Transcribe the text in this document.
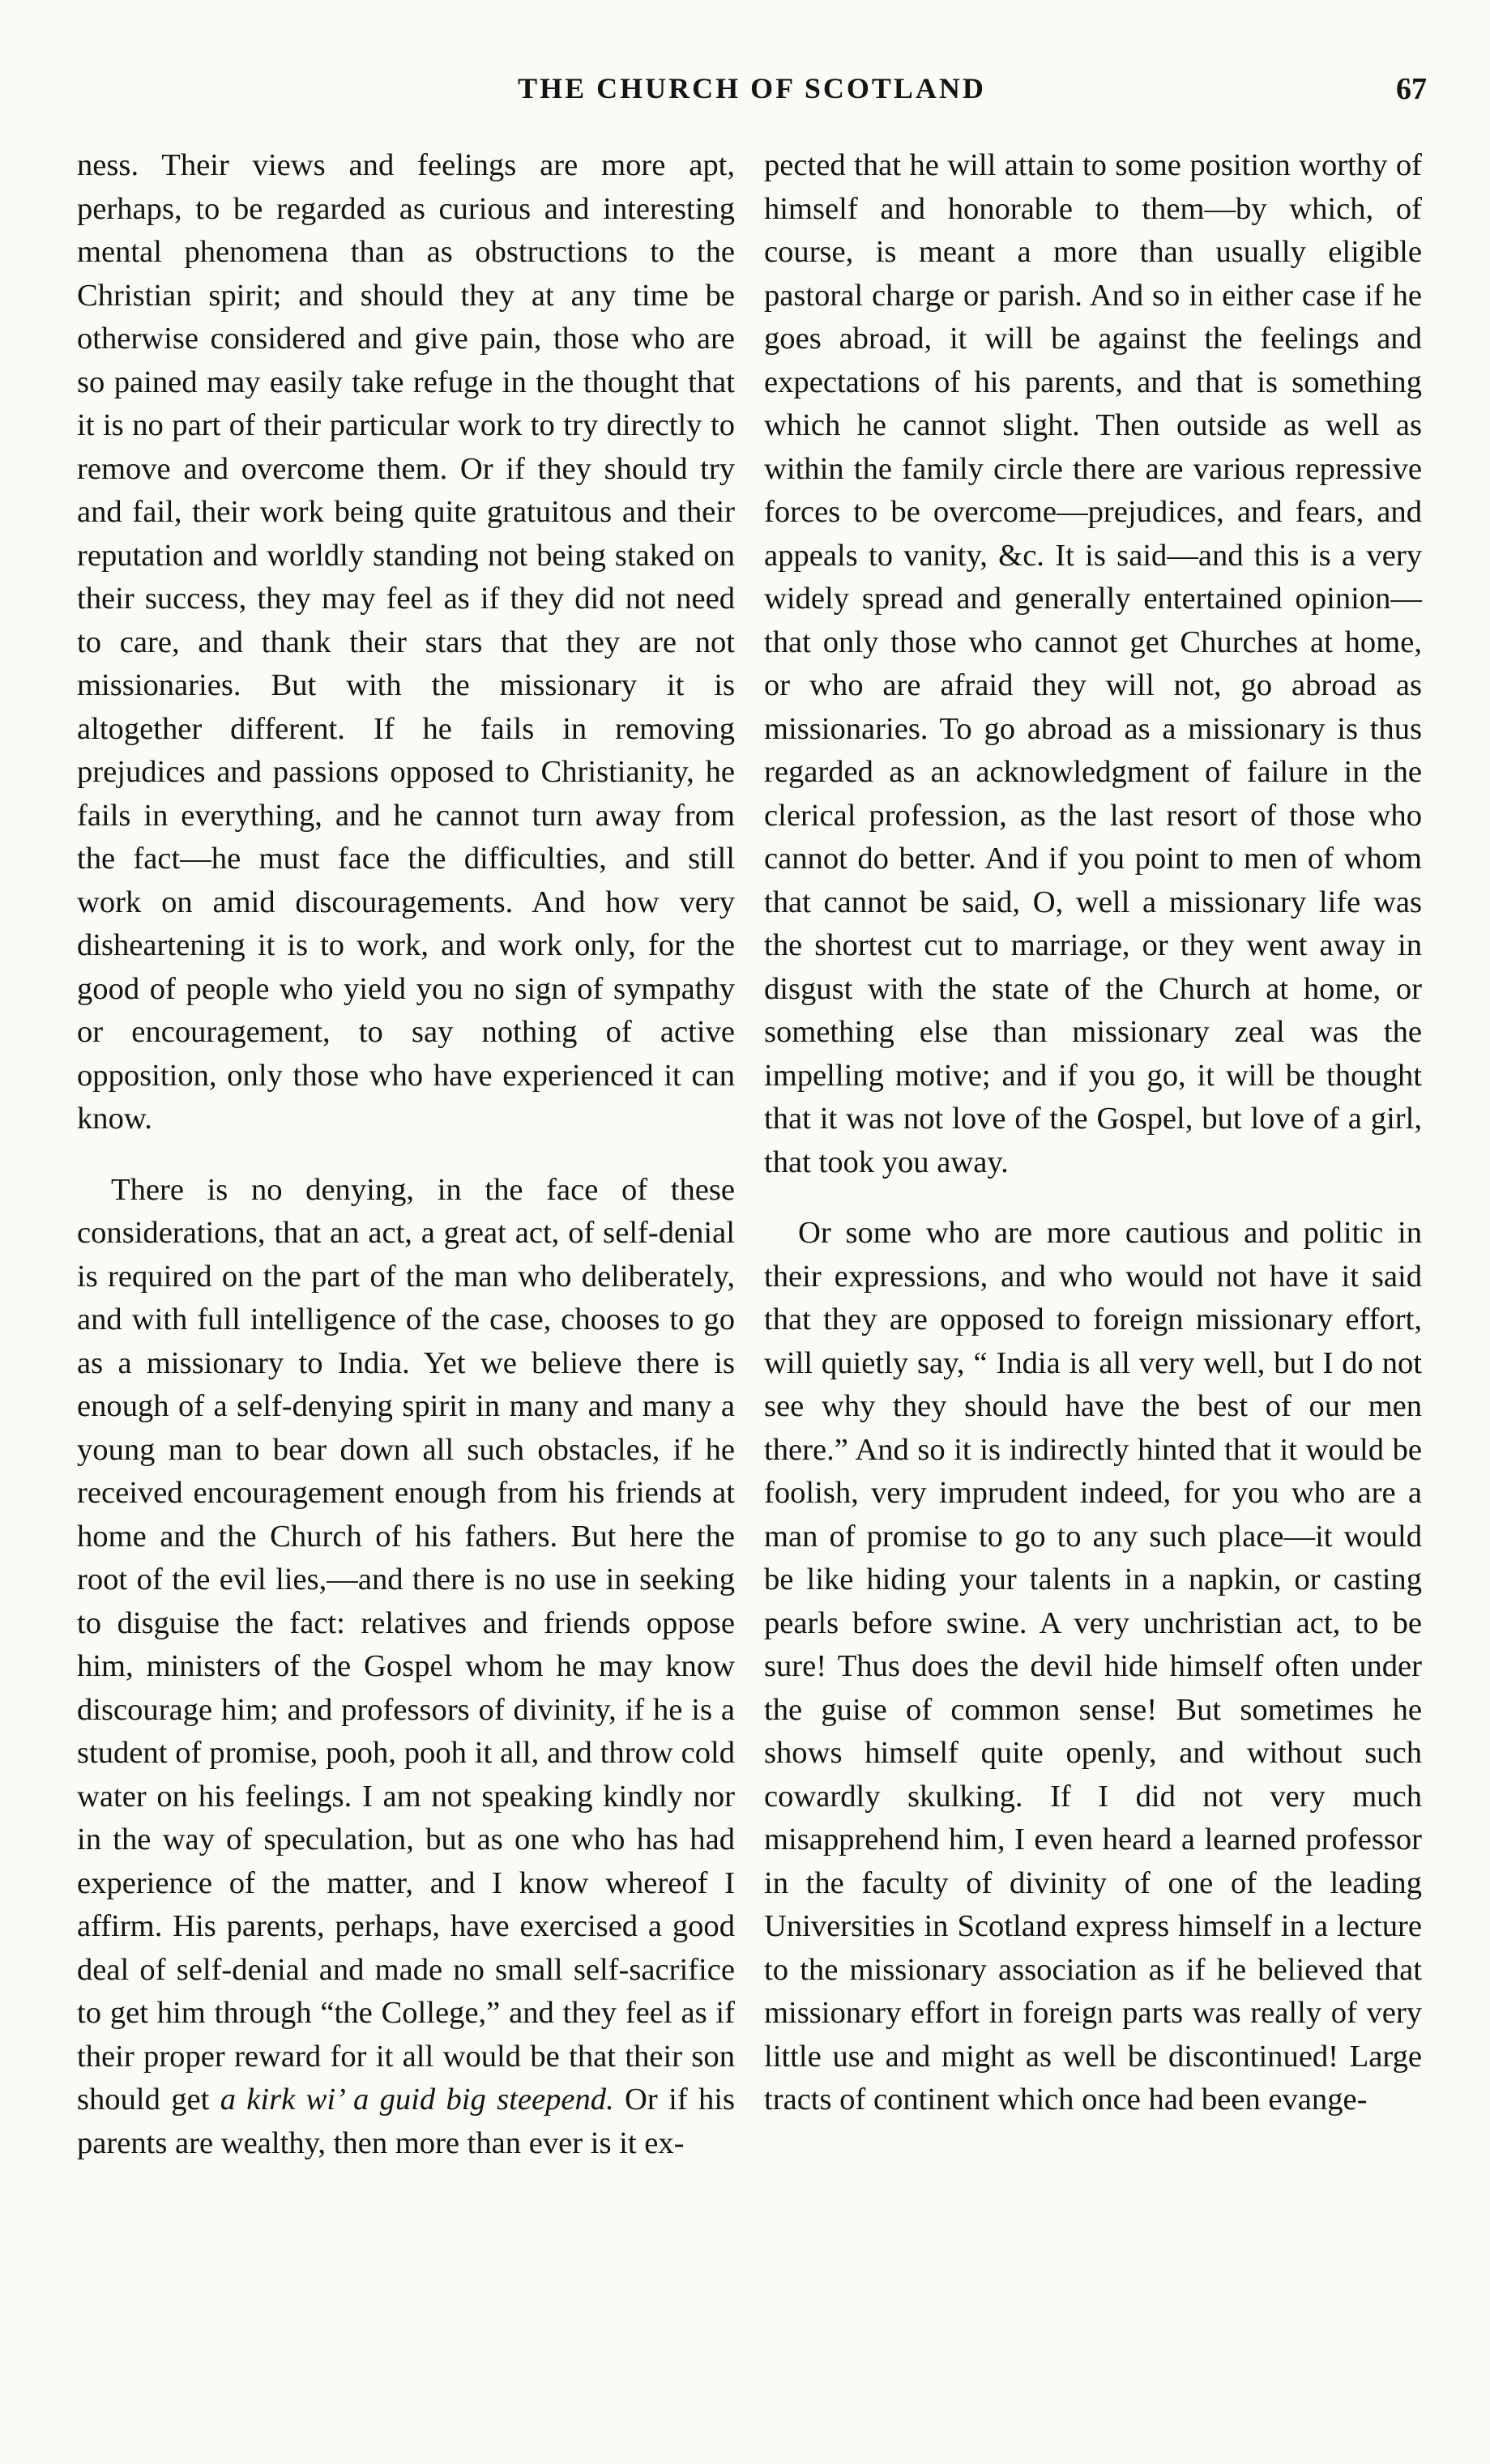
THE CHURCH OF SCOTLAND	67

ness. Their views and feelings are more apt, perhaps, to be regarded as curious and interesting mental phenomena than as obstructions to the Christian spirit; and should they at any time be otherwise considered and give pain, those who are so pained may easily take refuge in the thought that it is no part of their particular work to try directly to remove and overcome them. Or if they should try and fail, their work being quite gratuitous and their reputation and worldly standing not being staked on their success, they may feel as if they did not need to care, and thank their stars that they are not missionaries. But with the missionary it is altogether different. If he fails in removing prejudices and passions opposed to Christianity, he fails in everything, and he cannot turn away from the fact—he must face the difficulties, and still work on amid discouragements. And how very disheartening it is to work, and work only, for the good of people who yield you no sign of sympathy or encouragement, to say nothing of active opposition, only those who have experienced it can know.

There is no denying, in the face of these considerations, that an act, a great act, of self-denial is required on the part of the man who deliberately, and with full intelligence of the case, chooses to go as a missionary to India. Yet we believe there is enough of a self-denying spirit in many and many a young man to bear down all such obstacles, if he received encouragement enough from his friends at home and the Church of his fathers. But here the root of the evil lies,—and there is no use in seeking to disguise the fact: relatives and friends oppose him, ministers of the Gospel whom he may know discourage him; and professors of divinity, if he is a student of promise, pooh, pooh it all, and throw cold water on his feelings. I am not speaking kindly nor in the way of speculation, but as one who has had experience of the matter, and I know whereof I affirm. His parents, perhaps, have exercised a good deal of self-denial and made no small self-sacrifice to get him through “the College,” and they feel as if their proper reward for it all would be that their son should get a kirk wi’ a guid big steepend. Or if his parents are wealthy, then more than ever is it ex-

pected that he will attain to some position worthy of himself and honorable to them—by which, of course, is meant a more than usually eligible pastoral charge or parish. And so in either case if he goes abroad, it will be against the feelings and expectations of his parents, and that is something which he cannot slight. Then outside as well as within the family circle there are various repressive forces to be overcome—prejudices, and fears, and appeals to vanity, &c. It is said—and this is a very widely spread and generally entertained opinion—that only those who cannot get Churches at home, or who are afraid they will not, go abroad as missionaries. To go abroad as a missionary is thus regarded as an acknowledgment of failure in the clerical profession, as the last resort of those who cannot do better. And if you point to men of whom that cannot be said, O, well a missionary life was the shortest cut to marriage, or they went away in disgust with the state of the Church at home, or something else than missionary zeal was the impelling motive; and if you go, it will be thought that it was not love of the Gospel, but love of a girl, that took you away.

Or some who are more cautious and politic in their expressions, and who would not have it said that they are opposed to foreign missionary effort, will quietly say, “ India is all very well, but I do not see why they should have the best of our men there.” And so it is indirectly hinted that it would be foolish, very imprudent indeed, for you who are a man of promise to go to any such place—it would be like hiding your talents in a napkin, or casting pearls before swine. A very unchristian act, to be sure! Thus does the devil hide himself often under the guise of common sense! But sometimes he shows himself quite openly, and without such cowardly skulking. If I did not very much misapprehend him, I even heard a learned professor in the faculty of divinity of one of the leading Universities in Scotland express himself in a lecture to the missionary association as if he believed that missionary effort in foreign parts was really of very little use and might as well be discontinued! Large tracts of continent which once had been evange-
